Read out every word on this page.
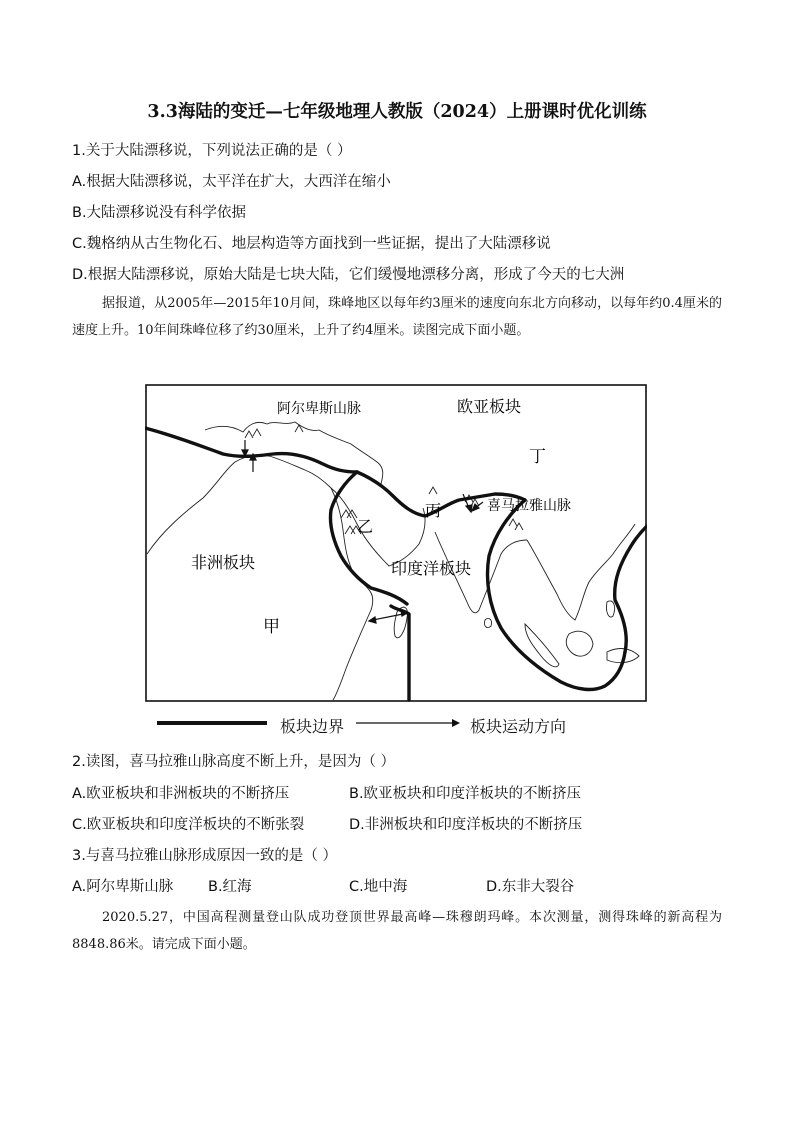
3.3海陆的变迁—七年级地理人教版（2024）上册课时优化训练
1.关于大陆漂移说，下列说法正确的是（ ）
A.根据大陆漂移说，太平洋在扩大，大西洋在缩小
B.大陆漂移说没有科学依据
C.魏格纳从古生物化石、地层构造等方面找到一些证据，提出了大陆漂移说
D.根据大陆漂移说，原始大陆是七块大陆，它们缓慢地漂移分离，形成了今天的七大洲
据报道，从2005年—2015年10月间，珠峰地区以每年约3厘米的速度向东北方向移动，以每年约0.4厘米的速度上升。10年间珠峰位移了约30厘米，上升了约4厘米。读图完成下面小题。
阿尔卑斯山脉	欧亚板块
丁
丙	喜马拉雅山脉
乙
非洲板块	印度洋板块
甲
板块边界	板块运动方向
2.读图，喜马拉雅山脉高度不断上升，是因为（ ）
A.欧亚板块和非洲板块的不断挤压	B.欧亚板块和印度洋板块的不断挤压
C.欧亚板块和印度洋板块的不断张裂	D.非洲板块和印度洋板块的不断挤压
3.与喜马拉雅山脉形成原因一致的是（ ）
A.阿尔卑斯山脉 B.红海	C.地中海	D.东非大裂谷
2020.5.27，中国高程测量登山队成功登顶世界最高峰—珠穆朗玛峰。本次测量，测得珠峰的新高程为8848.86米。请完成下面小题。
